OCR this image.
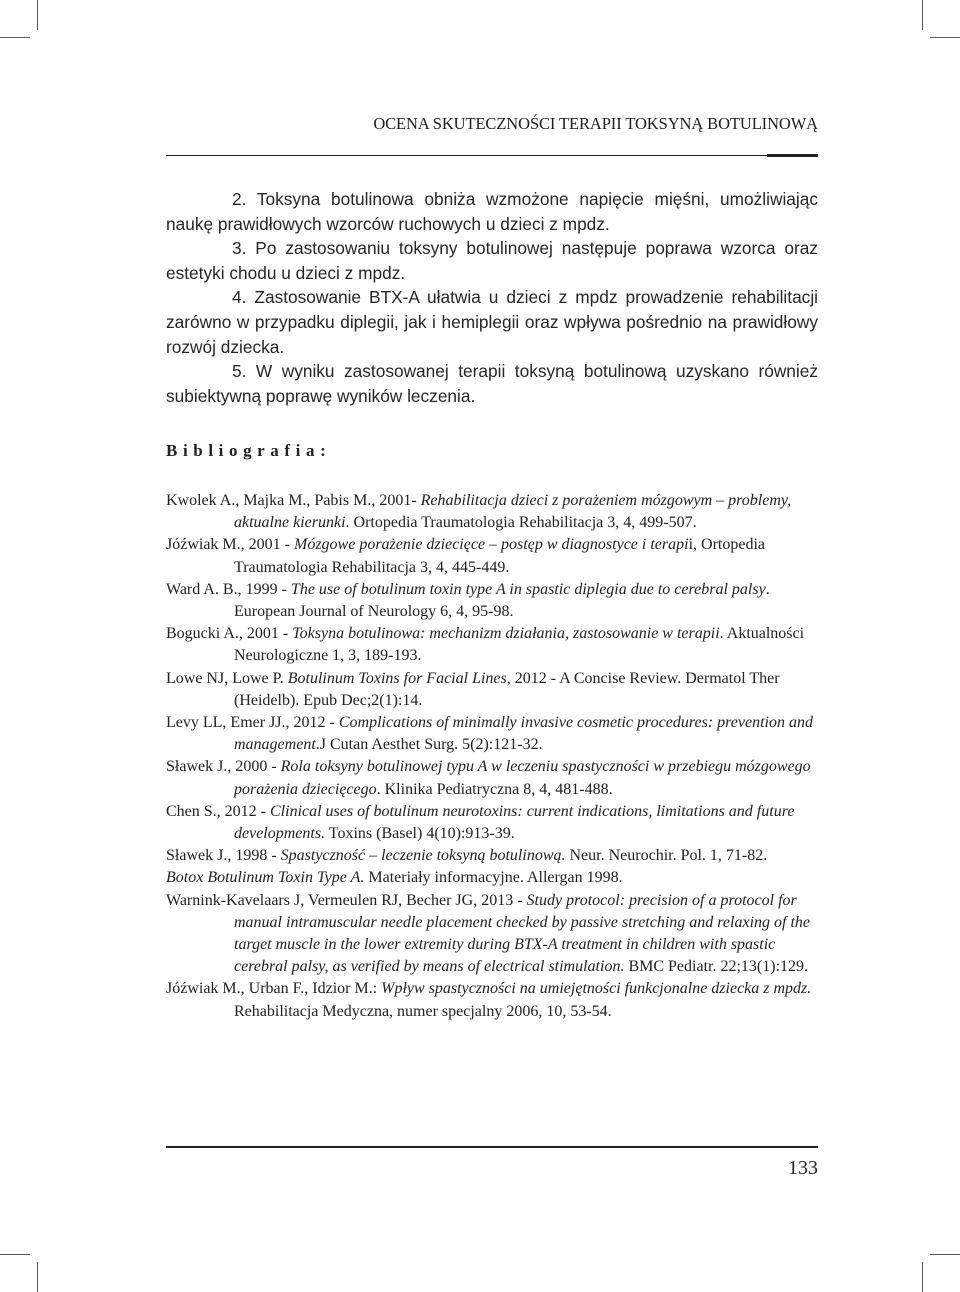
OCENA SKUTECZNOŚCI TERAPII TOKSYNĄ BOTULINOWĄ

2. Toksyna botulinowa obniża wzmożone napięcie mięśni, umożliwiając naukę prawidłowych wzorców ruchowych u dzieci z mpdz.

3. Po zastosowaniu toksyny botulinowej następuje poprawa wzorca oraz estetyki chodu u dzieci z mpdz.

4. Zastosowanie BTX-A ułatwia u dzieci z mpdz prowadzenie rehabilitacji zarówno w przypadku diplegii, jak i hemiplegii oraz wpływa pośrednio na prawidłowy rozwój dziecka.

5. W wyniku zastosowanej terapii toksyną botulinową uzyskano również subiektywną poprawę wyników leczenia.

Bibliografia:

Kwolek A., Majka M., Pabis M., 2001- Rehabilitacja dzieci z porażeniem mózgowym – problemy, aktualne kierunki. Ortopedia Traumatologia Rehabilitacja 3, 4, 499-507.

Jóźwiak M., 2001 - Mózgowe porażenie dziecięce – postęp w diagnostyce i terapii, Ortopedia Traumatologia Rehabilitacja 3, 4, 445-449.

Ward A. B., 1999 - The use of botulinum toxin type A in spastic diplegia due to cerebral palsy. European Journal of Neurology 6, 4, 95-98.

Bogucki A., 2001 - Toksyna botulinowa: mechanizm działania, zastosowanie w terapii. Aktualności Neurologiczne 1, 3, 189-193.

Lowe NJ, Lowe P. Botulinum Toxins for Facial Lines, 2012 - A Concise Review. Dermatol Ther (Heidelb). Epub Dec;2(1):14.

Levy LL, Emer JJ., 2012 - Complications of minimally invasive cosmetic procedures: prevention and management.J Cutan Aesthet Surg. 5(2):121-32.

Sławek J., 2000 - Rola toksyny botulinowej typu A w leczeniu spastyczności w przebiegu mózgowego porażenia dziecięcego. Klinika Pediatryczna 8, 4, 481-488.

Chen S., 2012 - Clinical uses of botulinum neurotoxins: current indications, limitations and future developments. Toxins (Basel) 4(10):913-39.

Sławek J., 1998 - Spastyczność – leczenie toksyną botulinową. Neur. Neurochir. Pol. 1, 71-82.

Botox Botulinum Toxin Type A. Materiały informacyjne. Allergan 1998.

Warnink-Kavelaars J, Vermeulen RJ, Becher JG, 2013 - Study protocol: precision of a protocol for manual intramuscular needle placement checked by passive stretching and relaxing of the target muscle in the lower extremity during BTX-A treatment in children with spastic cerebral palsy, as verified by means of electrical stimulation. BMC Pediatr. 22;13(1):129.

Jóźwiak M., Urban F., Idzior M.: Wpływ spastyczności na umiejętności funkcjonalne dziecka z mpdz. Rehabilitacja Medyczna, numer specjalny 2006, 10, 53-54.

133
